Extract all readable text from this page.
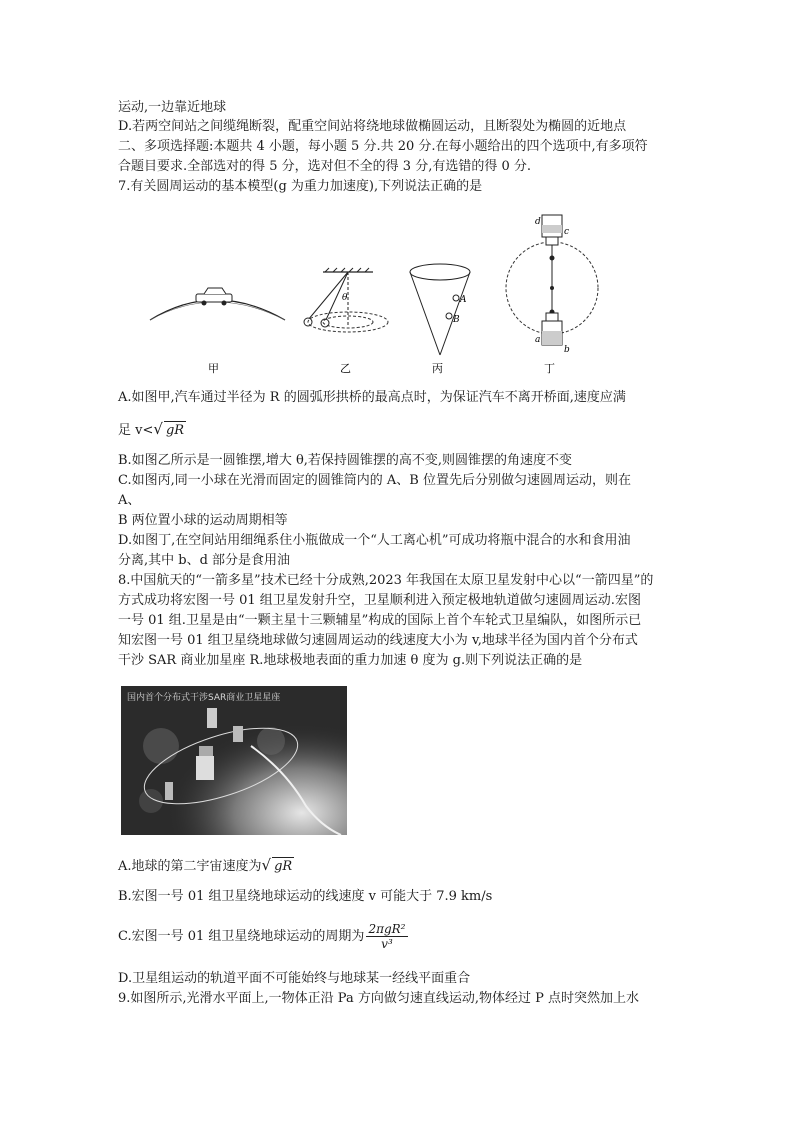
运动,一边靠近地球
D.若两空间站之间缆绳断裂，配重空间站将绕地球做椭圆运动，且断裂处为椭圆的近地点
二、多项选择题:本题共 4 小题，每小题 5 分.共 20 分.在每小题给出的四个选项中,有多项符
合题目要求.全部选对的得 5 分，选对但不全的得 3 分,有选错的得 0 分.
7.有关圆周运动的基本模型(g 为重力加速度),下列说法正确的是
θ	A
B
d
c
a
b
甲	乙	丙	丁
A.如图甲,汽车通过半径为 R 的圆弧形拱桥的最高点时，为保证汽车不离开桥面,速度应满
足 v<√ gR
B.如图乙所示是一圆锥摆,增大 θ,若保持圆锥摆的高不变,则圆锥摆的角速度不变
C.如图丙,同一小球在光滑而固定的圆锥筒内的 A、B 位置先后分别做匀速圆周运动，则在
A、
B 两位置小球的运动周期相等
D.如图丁,在空间站用细绳系住小瓶做成一个“人工离心机”可成功将瓶中混合的水和食用油
分离,其中 b、d 部分是食用油
8.中国航天的“一箭多星”技术已经十分成熟,2023 年我国在太原卫星发射中心以“一箭四星”的
方式成功将宏图一号 01 组卫星发射升空，卫星顺利进入预定极地轨道做匀速圆周运动.宏图
一号 01 组.卫星是由“一颗主星十三颗辅星”构成的国际上首个车轮式卫星编队，如图所示已
知宏图一号 01 组卫星绕地球做匀速圆周运动的线速度大小为 v,地球半径为国内首个分布式
干沙 SAR 商业加星座 R.地球极地表面的重力加速 θ 度为 g.则下列说法正确的是
A.地球的第二宇宙速度为√ gR
B.宏图一号 01 组卫星绕地球运动的线速度 v 可能大于 7.9 km/s
C.宏图一号 01 组卫星绕地球运动的周期为 $\frac{\text{2πgR²}}{\text{v³}}$
D.卫星组运动的轨道平面不可能始终与地球某一经线平面重合
9.如图所示,光滑水平面上,一物体正沿 Pa 方向做匀速直线运动,物体经过 P 点时突然加上水
